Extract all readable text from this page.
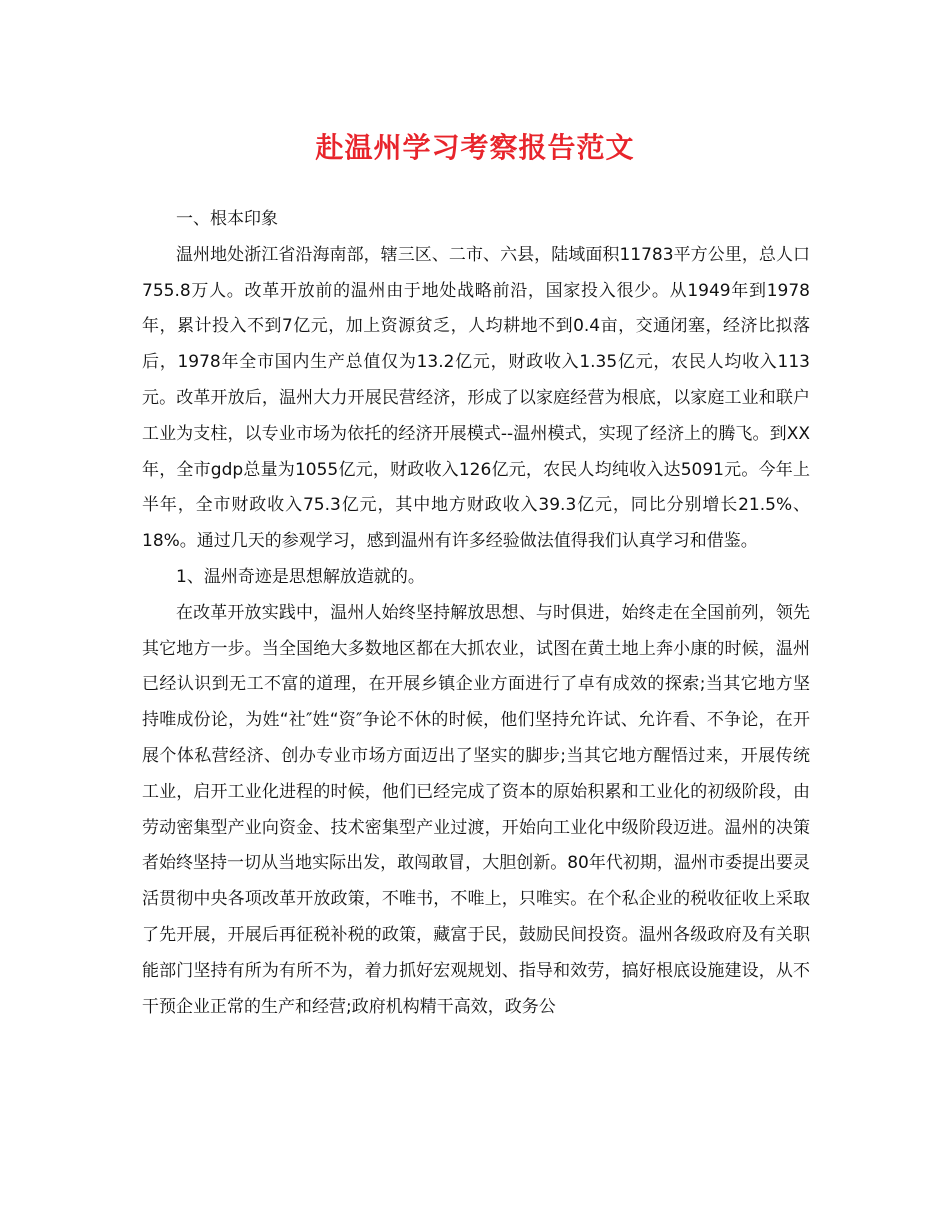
赴温州学习考察报告范文

一、根本印象

温州地处浙江省沿海南部，辖三区、二市、六县，陆域面积11783平方公里，总人口755.8万人。改革开放前的温州由于地处战略前沿，国家投入很少。从1949年到1978年，累计投入不到7亿元，加上资源贫乏，人均耕地不到0.4亩，交通闭塞，经济比拟落后，1978年全市国内生产总值仅为13.2亿元，财政收入1.35亿元，农民人均收入113元。改革开放后，温州大力开展民营经济，形成了以家庭经营为根底，以家庭工业和联户工业为支柱，以专业市场为依托的经济开展模式--温州模式，实现了经济上的腾飞。到XX年，全市gdp总量为1055亿元，财政收入126亿元，农民人均纯收入达5091元。今年上半年，全市财政收入75.3亿元，其中地方财政收入39.3亿元，同比分别增长21.5%、18%。通过几天的参观学习，感到温州有许多经验做法值得我们认真学习和借鉴。

1、温州奇迹是思想解放造就的。

在改革开放实践中，温州人始终坚持解放思想、与时俱进，始终走在全国前列，领先其它地方一步。当全国绝大多数地区都在大抓农业，试图在黄土地上奔小康的时候，温州已经认识到无工不富的道理，在开展乡镇企业方面进行了卓有成效的探索;当其它地方坚持唯成份论，为姓“社″姓“资″争论不休的时候，他们坚持允许试、允许看、不争论，在开展个体私营经济、创办专业市场方面迈出了坚实的脚步;当其它地方醒悟过来，开展传统工业，启开工业化进程的时候，他们已经完成了资本的原始积累和工业化的初级阶段，由劳动密集型产业向资金、技术密集型产业过渡，开始向工业化中级阶段迈进。温州的决策者始终坚持一切从当地实际出发，敢闯敢冒，大胆创新。80年代初期，温州市委提出要灵活贯彻中央各项改革开放政策，不唯书，不唯上，只唯实。在个私企业的税收征收上采取了先开展，开展后再征税补税的政策，藏富于民，鼓励民间投资。温州各级政府及有关职能部门坚持有所为有所不为，着力抓好宏观规划、指导和效劳，搞好根底设施建设，从不干预企业正常的生产和经营;政府机构精干高效，政务公
